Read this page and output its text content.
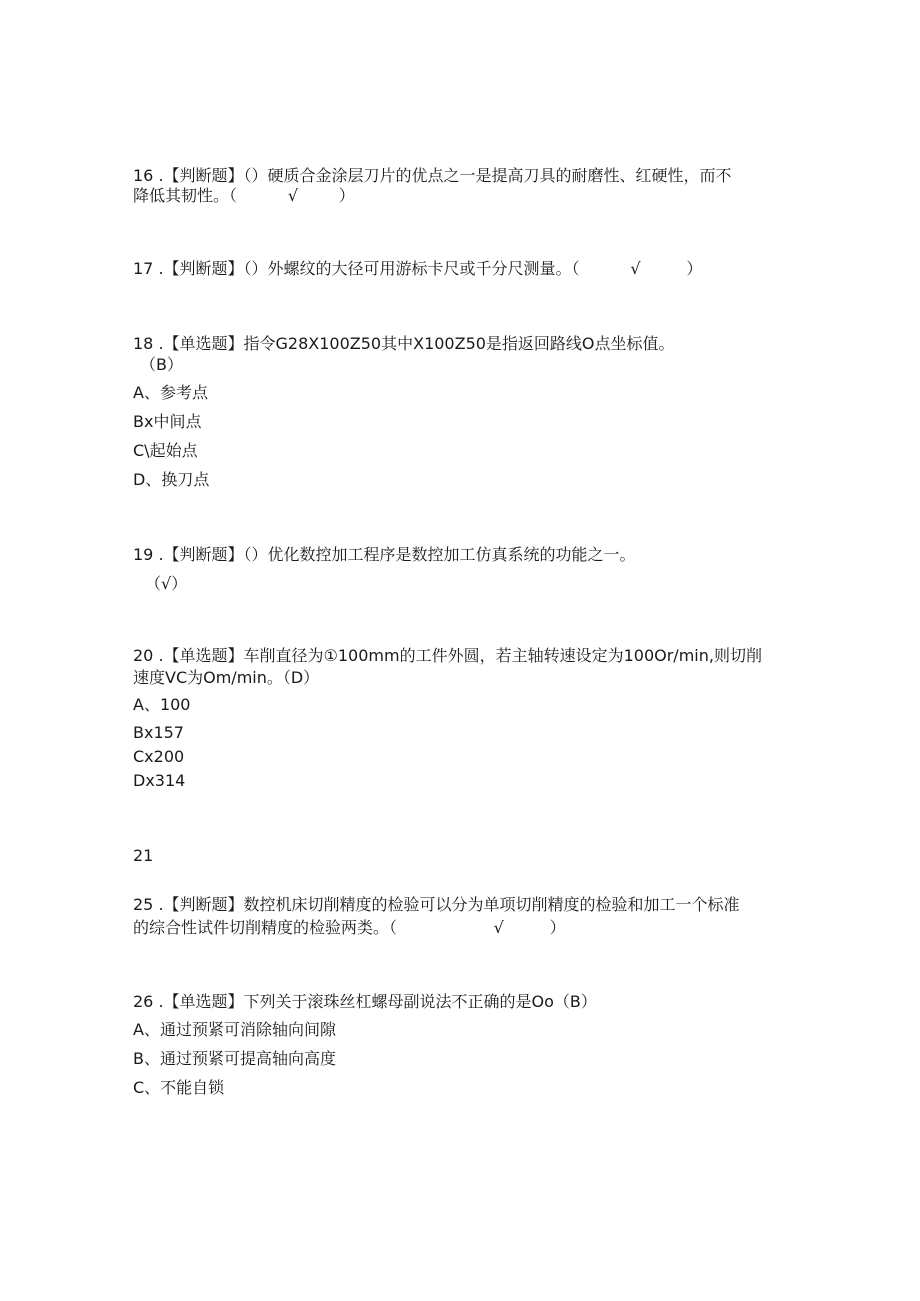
16 .【判断题】（）硬质合金涂层刀片的优点之一是提高刀具的耐磨性、红硬性，而不
降低其韧性。（          √        ）
17 .【判断题】（）外螺纹的大径可用游标卡尺或千分尺测量。（          √         ）
18 .【单选题】指令G28X100Z50其中X100Z50是指返回路线O点坐标值。
（B）
A、参考点
Bx中间点
C\起始点
D、换刀点
19 .【判断题】（）优化数控加工程序是数控加工仿真系统的功能之一。
（√）
20 .【单选题】车削直径为①100mm的工件外圆，若主轴转速设定为100Or∕min,则切削
速度VC为Om/min。（D）
A、100
Bx157
Cx200
Dx314
21
25 .【判断题】数控机床切削精度的检验可以分为单项切削精度的检验和加工一个标准
的综合性试件切削精度的检验两类。（                   √         ）
26 .【单选题】下列关于滚珠丝杠螺母副说法不正确的是Oo（B）
A、通过预紧可消除轴向间隙
B、通过预紧可提高轴向高度
C、不能自锁
